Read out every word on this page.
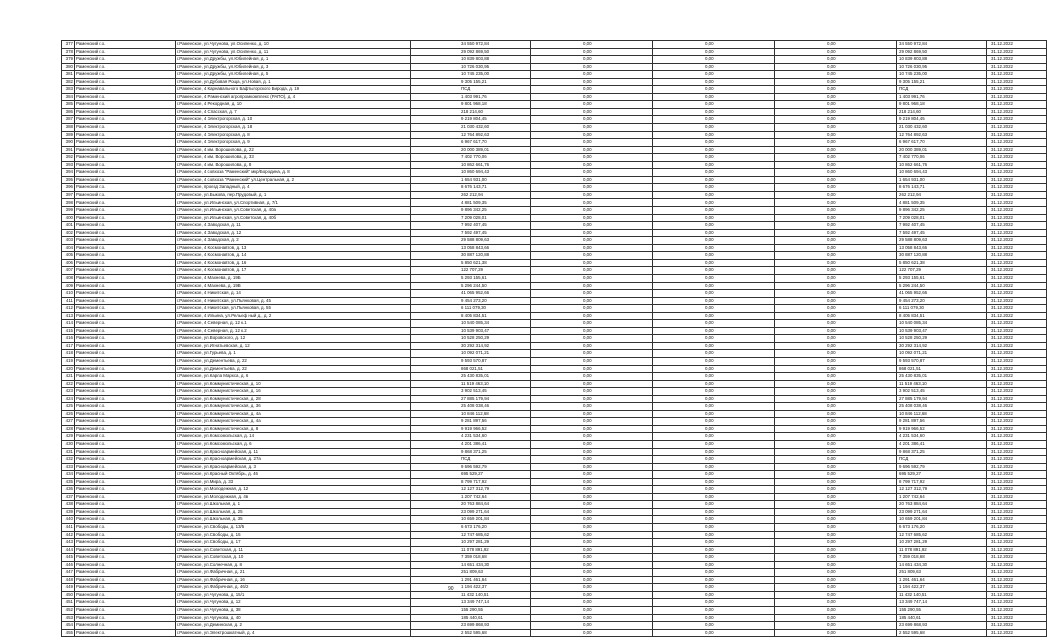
377	Раменский г.о.	г.Раменское, ул.Чугунова, ул.Осипенко, д. 10	34 550 972,84	0,00	0,00	0,00	34 550 972,84	31.12.2022
378	Раменский г.о.	г.Раменское, ул.Чугунова, ул.Осипенко, д. 11	29 092 869,50	0,00	0,00	0,00	29 092 869,50	31.12.2022
379	Раменский г.о.	г.Раменское, ул.Дружбы, ул.Юбилейная, д. 1	10 839 803,88	0,00	0,00	0,00	10 839 803,88	31.12.2022
380	Раменский г.о.	г.Раменское, ул.Дружбы, ул.Юбилейная, д. 3	10 726 030,95	0,00	0,00	0,00	10 726 030,95	31.12.2022
381	Раменский г.о.	г.Раменское, ул.Дружбы, ул.Юбилейная, д. 5	10 745 235,00	0,00	0,00	0,00	10 745 235,00	31.12.2022
382	Раменский г.о.	г.Раменское, ул.Дубовая Роща, ул.Новая, д. 1	9 305 155,21	0,00	0,00	0,00	9 305 155,21	31.12.2022
383	Раменский г.о.	г.Раменское, 4 Карнавального Бафтыгорского Бирода, д. 19	ПСД	0,00	0,00	0,00	ПСД	31.12.2022
384	Раменский г.о.	г.Раменское, 4 Раменский агропромкомплекс (РАПО), д. 4	1 403 991,76	0,00	0,00	0,00	1 403 991,76	31.12.2022
385	Раменский г.о.	г.Раменское, 4 Рекордная, д. 10	9 801 968,18	0,00	0,00	0,00	9 801 968,18	31.12.2022
386	Раменский г.о.	г.Раменское, 4 Спасская, д. 7	218 214,60	0,00	0,00	0,00	218 214,60	31.12.2022
387	Раменский г.о.	г.Раменское, 4 Электрогорская, д. 10	9 219 804,45	0,00	0,00	0,00	9 219 804,45	31.12.2022
388	Раменский г.о.	г.Раменское, 4 Электрогорская, д. 18	21 030 432,60	0,00	0,00	0,00	21 030 432,60	31.12.2022
389	Раменский г.о.	г.Раменское, 4 Электрогорская, д. 8	12 764 892,63	0,00	0,00	0,00	12 764 892,63	31.12.2022
390	Раменский г.о.	г.Раменское, 4 Электрогорская, д. 9	6 967 617,70	0,00	0,00	0,00	6 967 617,70	31.12.2022
391	Раменский г.о.	г.Раменское, 4 им. Ворошилова, д. 22	20 000 389,01	0,00	0,00	0,00	20 000 389,01	31.12.2022
392	Раменский г.о.	г.Раменское, 4 им. Ворошилова, д. 33	7 402 770,06	0,00	0,00	0,00	7 402 770,06	31.12.2022
393	Раменский г.о.	г.Раменское, 4 им. Ворошилова, д. 8	10 862 661,76	0,00	0,00	0,00	10 862 661,76	31.12.2022
394	Раменский г.о.	г.Раменское, 4 совхоза "Раменский" мкр/Бородина, д. 8	10 860 694,43	0,00	0,00	0,00	10 860 694,43	31.12.2022
395	Раменский г.о.	г.Раменское, 4 совхоза "Раменский" ул.Центральная, д. 2	1 654 931,00	0,00	0,00	0,00	1 654 931,00	31.12.2022
396	Раменский г.о.	г.Раменское, проезд Западный, д. 4	8 676 143,71	0,00	0,00	0,00	8 676 143,71	31.12.2022
397	Раменский г.о.	г.Раменское, ул.Быкова, пер.Прудовый, д. 1	262 212,94	0,00	0,00	0,00	262 212,94	31.12.2022
398	Раменский г.о.	г.Раменское, ул.Ильинская, ул.Спортивная, д. 7/1	4 881 509,35	0,00	0,00	0,00	4 881 509,35	31.12.2022
399	Раменский г.о.	г.Раменское, ул.Ильинская, ул.Советская, д. 40а	9 896 342,25	0,00	0,00	0,00	9 896 342,25	31.12.2022
400	Раменский г.о.	г.Раменское, ул.Ильинская, ул.Советская, д. 40б	7 209 028,01	0,00	0,00	0,00	7 209 028,01	31.12.2022
401	Раменский г.о.	г.Раменское, 4 Заводская, д. 11	7 992 407,45	0,00	0,00	0,00	7 992 407,45	31.12.2022
402	Раменский г.о.	г.Раменское, 4 Заводская, д. 12	7 592 497,45	0,00	0,00	0,00	7 592 497,45	31.12.2022
403	Раменский г.о.	г.Раменское, 4 Заводская, д. 2	29 588 809,63	0,00	0,00	0,00	29 588 809,63	31.12.2022
404	Раменский г.о.	г.Раменское, 4 Космонавтов, д. 13	13 058 843,66	0,00	0,00	0,00	13 058 843,66	31.12.2022
405	Раменский г.о.	г.Раменское, 4 Космонавтов, д. 14	30 887 120,88	0,00	0,00	0,00	30 887 120,88	31.12.2022
406	Раменский г.о.	г.Раменское, 4 Космонавтов, д. 16	5 850 621,38	0,00	0,00	0,00	5 850 621,38	31.12.2022
407	Раменский г.о.	г.Раменское, 4 Космонавтов, д. 17	122 707,29	0,00	0,00	0,00	122 707,29	31.12.2022
408	Раменский г.о.	г.Раменское, 4 Махнева, д. 19Б	5 293 155,61	0,00	0,00	0,00	5 293 155,61	31.12.2022
409	Раменский г.о.	г.Раменское, 4 Махнева, д. 19В	5 296 244,50	0,00	0,00	0,00	5 296 244,50	31.12.2022
410	Раменский г.о.	г.Раменское, 4 Никитская, д. 14	41 065 952,66	0,00	0,00	0,00	41 065 952,66	31.12.2022
411	Раменский г.о.	г.Раменское, 4 Никитская, ул.Пьянковая, д. 45	9 454 273,20	0,00	0,00	0,00	9 454 273,20	31.12.2022
412	Раменский г.о.	г.Раменское, 4 Никитская, ул.Пьянковая, д. 55	6 111 079,30	0,00	0,00	0,00	6 111 079,30	31.12.2022
413	Раменский г.о.	г.Раменское, 4 Ильина, ул.Рельеф ный д., д. 2	8 405 834,51	0,00	0,00	0,00	8 405 834,51	31.12.2022
414	Раменский г.о.	г.Раменское, 4 Северная, д. 12 к.1	10 540 085,34	0,00	0,00	0,00	10 540 085,34	31.12.2022
415	Раменский г.о.	г.Раменское, 4 Северная, д. 12 к.2	10 539 903,47	0,00	0,00	0,00	10 539 903,47	31.12.2022
416	Раменский г.о.	г.Раменское, ул.Воровского, д. 12	10 528 250,29	0,00	0,00	0,00	10 528 250,29	31.12.2022
417	Раменский г.о.	г.Раменское, ул.Игнатьевская, д. 12	30 292 314,92	0,00	0,00	0,00	30 292 314,92	31.12.2022
418	Раменский г.о.	г.Раменское, ул.Гурьева, д. 1	10 092 071,21	0,00	0,00	0,00	10 092 071,21	31.12.2022
419	Раменский г.о.	г.Раменское, ул.Дементьева, д. 22	9 593 570,87	0,00	0,00	0,00	9 593 570,87	31.12.2022
420	Раменский г.о.	г.Раменское, ул.Дементьева, д. 22	868 021,51	0,00	0,00	0,00	868 021,51	31.12.2022
421	Раменский г.о.	г.Раменское, ул.Карла Маркса, д. 6	25 430 835,01	0,00	0,00	0,00	25 430 835,01	31.12.2022
422	Раменский г.о.	г.Раменское, ул.Коммунистическая, д. 10	11 519 463,10	0,00	0,00	0,00	11 519 463,10	31.12.2022
423	Раменский г.о.	г.Раменское, ул.Коммунистическая, д. 16	3 902 513,45	0,00	0,00	0,00	3 902 513,45	31.12.2022
424	Раменский г.о.	г.Раменское, ул.Коммунистическая, д. 28	27 885 179,94	0,00	0,00	0,00	27 885 179,94	31.12.2022
425	Раменский г.о.	г.Раменское, ул.Коммунистическая, д. 36	25 408 038,46	0,00	0,00	0,00	25 408 038,46	31.12.2022
426	Раменский г.о.	г.Раменское, ул.Коммунистическая, д. 4а	10 846 112,68	0,00	0,00	0,00	10 846 112,68	31.12.2022
427	Раменский г.о.	г.Раменское, ул.Коммунистическая, д. 4а	9 281 897,56	0,00	0,00	0,00	9 281 897,56	31.12.2022
428	Раменский г.о.	г.Раменское, ул.Коммунистическая, д. 8	9 919 966,52	0,00	0,00	0,00	9 919 966,52	31.12.2022
429	Раменский г.о.	г.Раменское, ул.Комсомольская, д. 14	4 231 534,60	0,00	0,00	0,00	4 231 534,60	31.12.2022
430	Раменский г.о.	г.Раменское, ул.Комсомольская, д. 6	4 201 386,41	0,00	0,00	0,00	4 201 386,41	31.12.2022
431	Раменский г.о.	г.Раменское, ул.Красноармейская, д. 11	9 868 371,25	0,00	0,00	0,00	9 868 371,25	31.12.2022
432	Раменский г.о.	г.Раменское, ул.Красноармейская, д. 27а	ПСД	0,00	0,00	0,00	ПСД	31.12.2022
433	Раменский г.о.	г.Раменское, ул.Красноармейская, д. 3	9 696 592,79	0,00	0,00	0,00	9 696 592,79	31.12.2022
434	Раменский г.о.	г.Раменское, ул.Красный Октябрь, д. 46	695 529,27	0,00	0,00	0,00	695 529,27	31.12.2022
435	Раменский г.о.	г.Раменское, ул.Мира, д. 33	8 799 717,92	0,00	0,00	0,00	8 799 717,92	31.12.2022
436	Раменский г.о.	г.Раменское, ул.Молодежная, д. 12	12 127 312,79	0,00	0,00	0,00	12 127 312,79	31.12.2022
437	Раменский г.о.	г.Раменское, ул.Молодежная, д. 4в	1 207 742,64	0,00	0,00	0,00	1 207 742,64	31.12.2022
438	Раменский г.о.	г.Раменское, ул.Школьная, д. 1	20 763 884,64	0,00	0,00	0,00	20 763 884,64	31.12.2022
439	Раменский г.о.	г.Раменское, ул.Школьная, д. 25	23 099 271,64	0,00	0,00	0,00	23 099 271,64	31.12.2022
440	Раменский г.о.	г.Раменское, ул.Школьная, д. 35	10 659 201,84	0,00	0,00	0,00	10 659 201,84	31.12.2022
441	Раменский г.о.	г.Раменское, ул.Свободы, д. 13/5	6 673 176,20	0,00	0,00	0,00	6 673 176,20	31.12.2022
442	Раменский г.о.	г.Раменское, ул.Свободы, д. 15	12 747 685,62	0,00	0,00	0,00	12 747 685,62	31.12.2022
443	Раменский г.о.	г.Раменское, ул.Свободы, д. 17	10 297 281,29	0,00	0,00	0,00	10 297 281,29	31.12.2022
444	Раменский г.о.	г.Раменское, ул.Советская, д. 11	11 078 891,92	0,00	0,00	0,00	11 078 891,92	31.12.2022
445	Раменский г.о.	г.Раменское, ул.Советская, д. 10	7 359 018,68	0,00	0,00	0,00	7 359 018,68	31.12.2022
446	Раменский г.о.	г.Раменское, ул.Солнечная, д. 8	14 651 434,30	0,00	0,00	0,00	14 651 434,30	31.12.2022
447	Раменский г.о.	г.Раменское, ул.Фабричная, д. 21	251 809,63	0,00	0,00	0,00	251 809,63	31.12.2022
448	Раменский г.о.	г.Раменское, ул.Фабричная, д. 16	1 291 461,64	0,00	0,00	0,00	1 291 461,64	31.12.2022
449	Раменский г.о.	г.Раменское, ул.Фабричная, д. 46/2	1 194 422,37	0,00	0,00	0,00	1 194 422,37	31.12.2022
450	Раменский г.о.	г.Раменское, ул.Чугунова, д. 15/1	11 432 140,51	0,00	0,00	0,00	11 432 140,51	31.12.2022
451	Раменский г.о.	г.Раменское, ул.Чугунова, д. 12	13 349 747,14	0,00	0,00	0,00	13 349 747,14	31.12.2022
452	Раменский г.о.	г.Раменское, ул.Чугунова, д. 38	155 290,55	0,00	0,00	0,00	155 290,55	31.12.2022
453	Раменский г.о.	г.Раменское, ул.Чугунова, д. 40	185 440,61	0,00	0,00	0,00	185 440,61	31.12.2022
454	Раменский г.о.	г.Раменское, ул.Деминская, д. 2	23 699 868,93	0,00	0,00	0,00	23 699 868,93	31.12.2022
455	Раменский г.о.	г.Раменское, ул.Электрошкатный, д. 4	2 552 595,68	0,00	0,00	0,00	2 552 595,68	31.12.2022
90
